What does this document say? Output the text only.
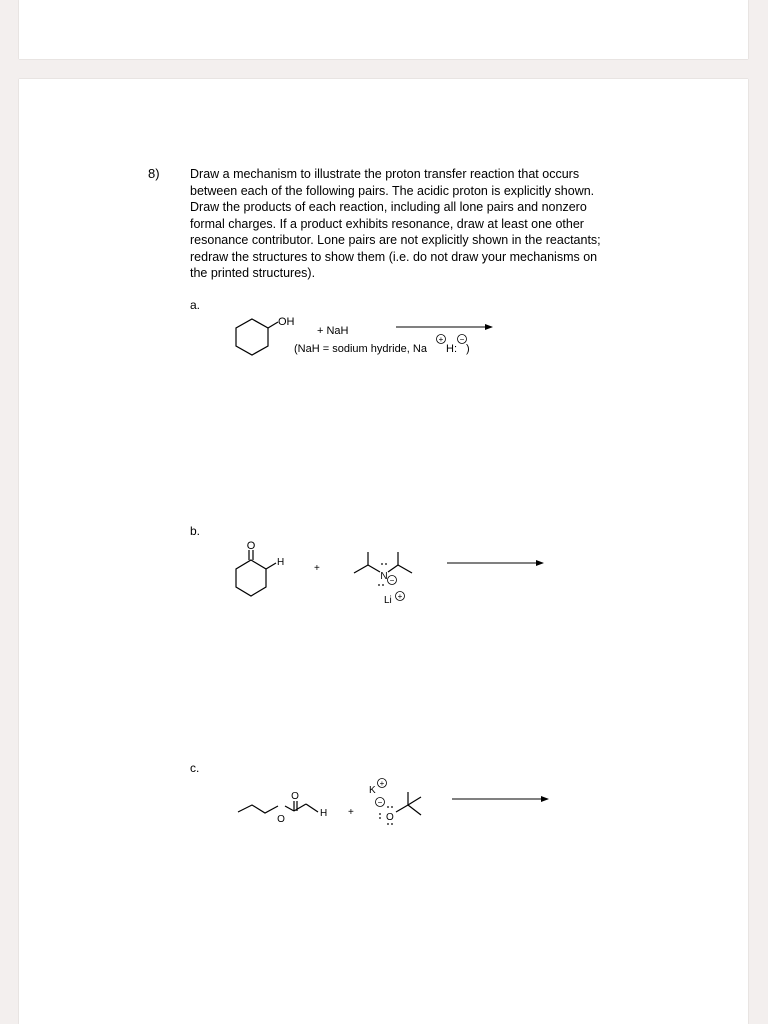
8) Draw a mechanism to illustrate the proton transfer reaction that occurs
between each of the following pairs. The acidic proton is explicitly shown.
Draw the products of each reaction, including all lone pairs and nonzero
formal charges. If a product exhibits resonance, draw at least one other
resonance contributor. Lone pairs are not explicitly shown in the reactants;
redraw the structures to show them (i.e. do not draw your mechanisms on
the printed structures).
a.
b.
c.
OH
+ NaH
(NaH = sodium hydride, Na
+
H:
−
)
O
H
+
N −
Li +
O
O
H +
K
+
−
O
